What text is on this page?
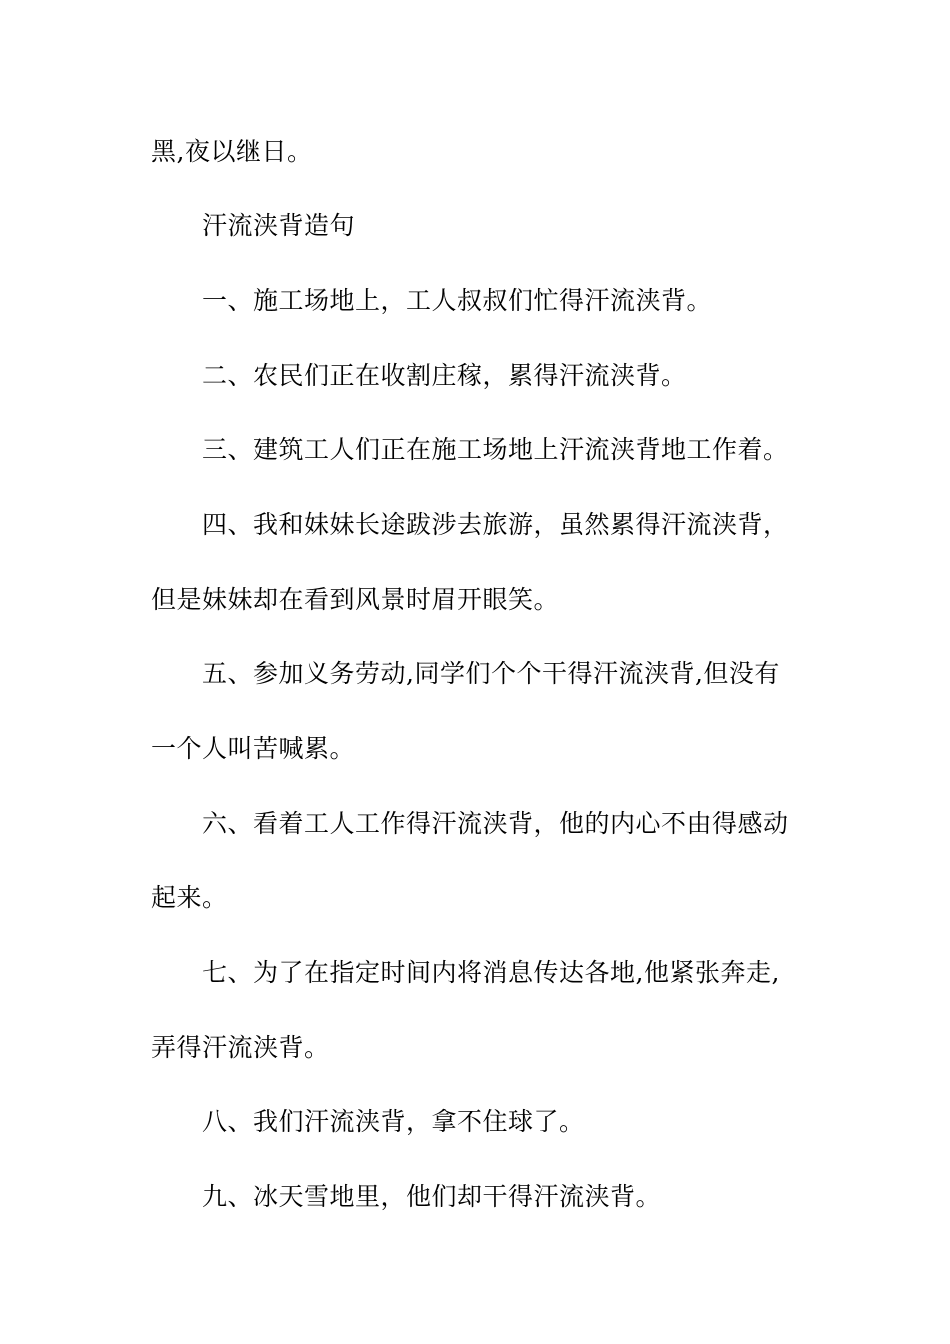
黑,夜以继日。
汗流浃背造句
一、施工场地上，工人叔叔们忙得汗流浃背。
二、农民们正在收割庄稼，累得汗流浃背。
三、建筑工人们正在施工场地上汗流浃背地工作着。
四、我和妹妹长途跋涉去旅游，虽然累得汗流浃背，
但是妹妹却在看到风景时眉开眼笑。
五、参加义务劳动,同学们个个干得汗流浃背,但没有
一个人叫苦喊累。
六、看着工人工作得汗流浃背，他的内心不由得感动
起来。
七、为了在指定时间内将消息传达各地,他紧张奔走,
弄得汗流浃背。
八、我们汗流浃背，拿不住球了。
九、冰天雪地里，他们却干得汗流浃背。
